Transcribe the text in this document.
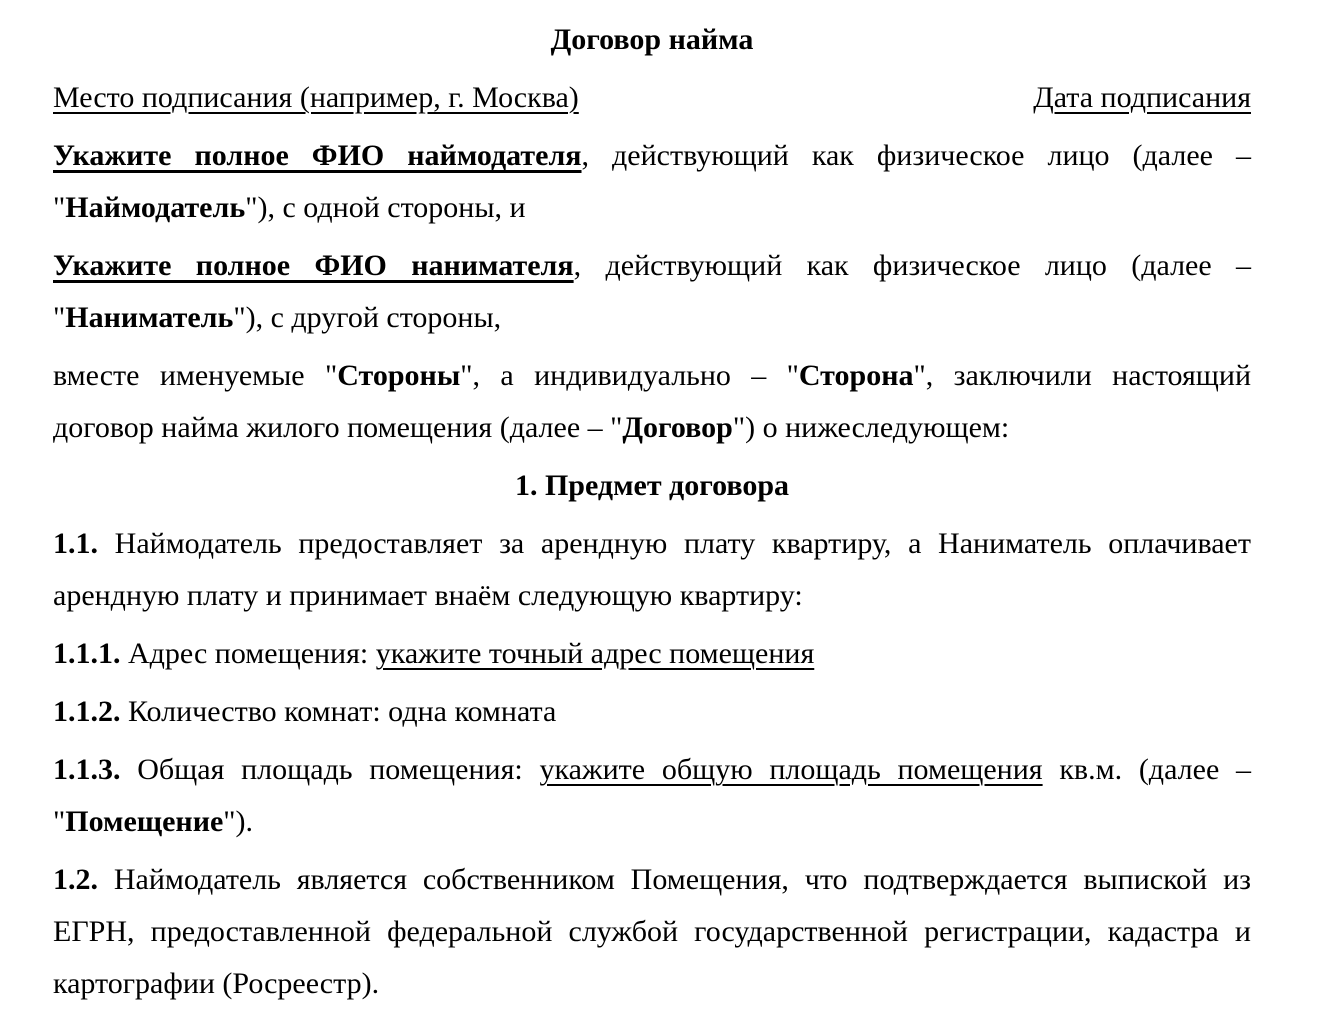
Договор найма
Место подписания (например, г. Москва)	Дата подписания

Укажите полное ФИО наймодателя, действующий как физическое лицо (далее – "Наймодатель"), с одной стороны, и

Укажите полное ФИО нанимателя, действующий как физическое лицо (далее – "Наниматель"), с другой стороны,

вместе именуемые "Стороны", а индивидуально – "Сторона", заключили настоящий договор найма жилого помещения (далее – "Договор") о нижеследующем:

1. Предмет договора

1.1. Наймодатель предоставляет за арендную плату квартиру, а Наниматель оплачивает арендную плату и принимает внаём следующую квартиру:

1.1.1. Адрес помещения: укажите точный адрес помещения

1.1.2. Количество комнат: одна комната

1.1.3. Общая площадь помещения: укажите общую площадь помещения кв.м. (далее – "Помещение").

1.2. Наймодатель является собственником Помещения, что подтверждается выпиской из ЕГРН, предоставленной федеральной службой государственной регистрации, кадастра и картографии (Росреестр).
